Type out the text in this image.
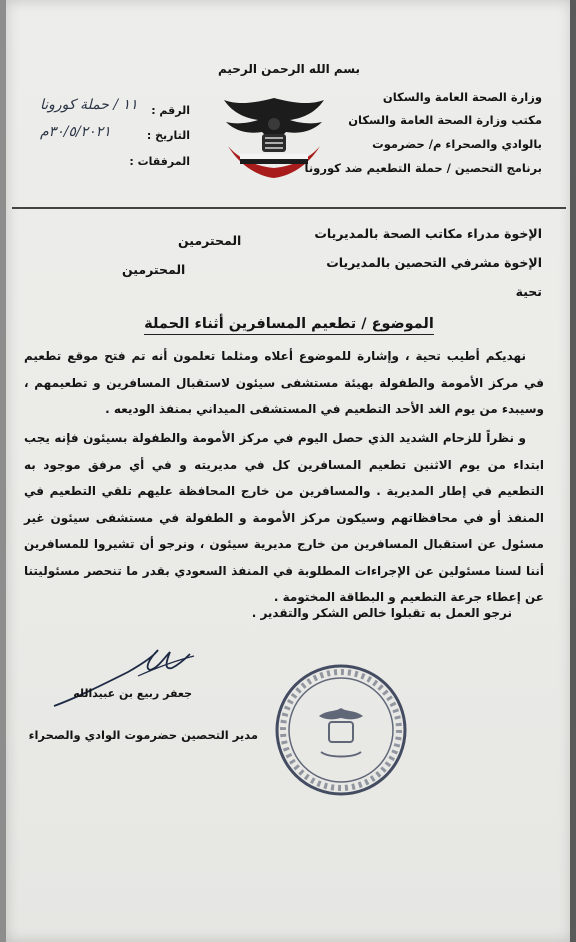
بسم الله الرحمن الرحيم
وزارة الصحة العامة والسكان
مكتب وزارة الصحة العامة والسكان
بالوادي والصحراء م/ حضرموت
برنامج التحصين / حملة التطعيم ضد كورونا
الرقم :
١١ / حملة كورونا
التاريخ :
٣٠/٥/٢٠٢١م
المرفقات :
الإخوة مدراء مكاتب الصحة بالمديريات
المحترمين
الإخوة مشرفي التحصين بالمديريات
المحترمين
تحية
الموضوع / تطعيم المسافرين أثناء الحملة

نهديكم أطيب تحية ، وإشارة للموضوع أعلاه ومثلما تعلمون أنه تم فتح موقع تطعيم في مركز الأمومة والطفولة بهيئة مستشفى سيئون لاستقبال المسافرين و تطعيمهم ، وسيبدء من يوم الغد الأحد التطعيم في المستشفى الميداني بمنفذ الوديعه .

و نظراً للزحام الشديد الذي حصل اليوم في مركز الأمومة والطفولة بسيئون فإنه يجب ابتداء من يوم الاثنين تطعيم المسافرين كل في مديريته و في أي مرفق موجود به التطعيم في إطار المديرية . والمسافرين من خارج المحافظة عليهم تلقي التطعيم في المنفذ أو في محافظاتهم وسيكون مركز الأمومة و الطفولة في مستشفى سيئون غير مسئول عن استقبال المسافرين من خارج مديرية سيئون ، ونرجو أن تشيروا للمسافرين أننا لسنا مسئولين عن الإجراءات المطلوبة في المنفذ السعودي بقدر ما تنحصر مسئوليتنا عن إعطاء جرعة التطعيم و البطاقة المختومة .

نرجو العمل به تقبلوا خالص الشكر والتقدير .
جعفر ربيع بن عبيدالله
مدير التحصين حضرموت الوادي والصحراء
